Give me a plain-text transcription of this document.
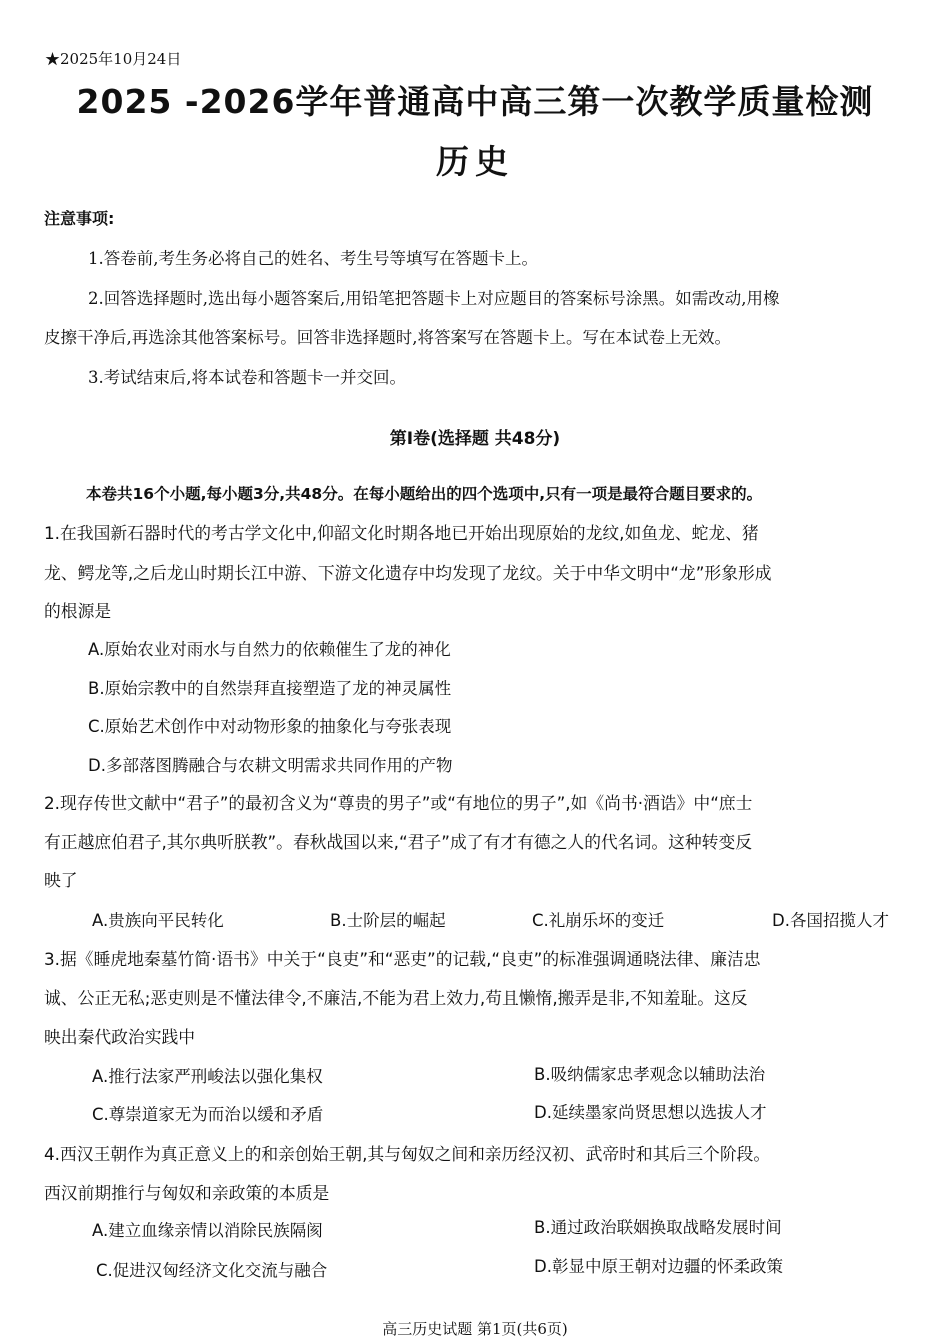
★2025年10月24日
2025 -2026学年普通高中高三第一次教学质量检测
历史
注意事项:
1.答卷前,考生务必将自己的姓名、考生号等填写在答题卡上。
2.回答选择题时,选出每小题答案后,用铅笔把答题卡上对应题目的答案标号涂黑。如需改动,用橡
皮擦干净后,再选涂其他答案标号。回答非选择题时,将答案写在答题卡上。写在本试卷上无效。
3.考试结束后,将本试卷和答题卡一并交回。
第Ⅰ卷(选择题 共48分)
本卷共16个小题,每小题3分,共48分。在每小题给出的四个选项中,只有一项是最符合题目要求的。
1.在我国新石器时代的考古学文化中,仰韶文化时期各地已开始出现原始的龙纹,如鱼龙、蛇龙、猪
龙、鳄龙等,之后龙山时期长江中游、下游文化遗存中均发现了龙纹。关于中华文明中“龙”形象形成
的根源是
A.原始农业对雨水与自然力的依赖催生了龙的神化
B.原始宗教中的自然崇拜直接塑造了龙的神灵属性
C.原始艺术创作中对动物形象的抽象化与夸张表现
D.多部落图腾融合与农耕文明需求共同作用的产物
2.现存传世文献中“君子”的最初含义为“尊贵的男子”或“有地位的男子”,如《尚书·酒诰》中“庶士
有正越庶伯君子,其尔典听朕教”。春秋战国以来,“君子”成了有才有德之人的代名词。这种转变反
映了
A.贵族向平民转化	B.士阶层的崛起	C.礼崩乐坏的变迁	D.各国招揽人才
3.据《睡虎地秦墓竹简·语书》中关于“良吏”和“恶吏”的记载,“良吏”的标准强调通晓法律、廉洁忠
诚、公正无私;恶吏则是不懂法律令,不廉洁,不能为君上效力,苟且懒惰,搬弄是非,不知羞耻。这反
映出秦代政治实践中
A.推行法家严刑峻法以强化集权	B.吸纳儒家忠孝观念以辅助法治
C.尊崇道家无为而治以缓和矛盾	D.延续墨家尚贤思想以选拔人才
4.西汉王朝作为真正意义上的和亲创始王朝,其与匈奴之间和亲历经汉初、武帝时和其后三个阶段。
西汉前期推行与匈奴和亲政策的本质是
A.建立血缘亲情以消除民族隔阂	B.通过政治联姻换取战略发展时间
C.促进汉匈经济文化交流与融合	D.彰显中原王朝对边疆的怀柔政策
高三历史试题 第1页(共6页)
